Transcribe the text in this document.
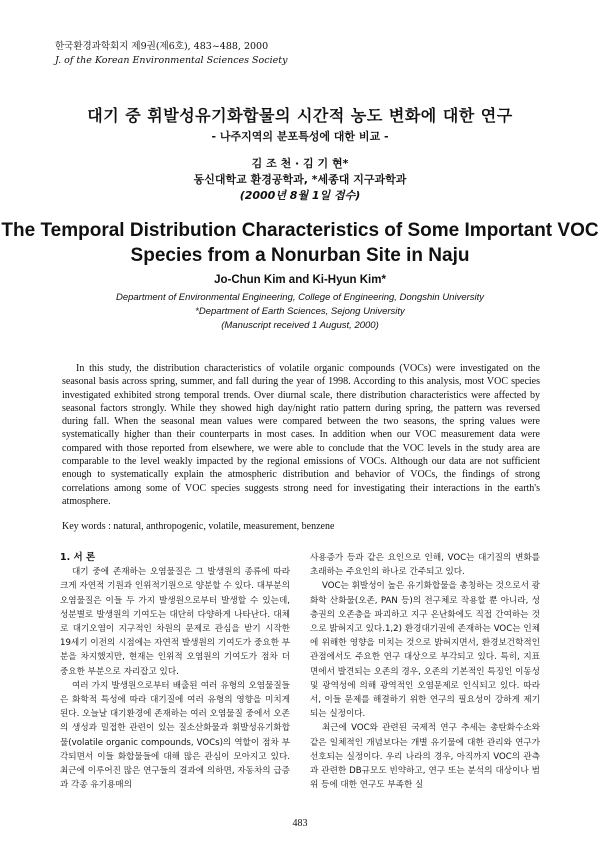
한국환경과학회지 제9권(제6호), 483~488, 2000
J. of the Korean Environmental Sciences Society
대기 중 휘발성유기화합물의 시간적 농도 변화에 대한 연구
- 나주지역의 분포특성에 대한 비교 -
김 조 천 · 김 기 현*
동신대학교 환경공학과, *세종대 지구과학과
(2000년 8월 1일 접수)
The Temporal Distribution Characteristics of Some Important VOC
Species from a Nonurban Site in Naju
Jo-Chun Kim and Ki-Hyun Kim*
Department of Environmental Engineering, College of Engineering, Dongshin University
*Department of Earth Sciences, Sejong University
(Manuscript received 1 August, 2000)

In this study, the distribution characteristics of volatile organic compounds (VOCs) were investigated on the seasonal basis across spring, summer, and fall during the year of 1998. According to this analysis, most VOC species investigated exhibited strong temporal trends. Over diurnal scale, there distribution characteristics were affected by seasonal factors strongly. While they showed high day/night ratio pattern during spring, the pattern was reversed during fall. When the seasonal mean values were compared between the two seasons, the spring values were systematically higher than their counterparts in most cases. In addition when our VOC measurement data were compared with those reported from elsewhere, we were able to conclude that the VOC levels in the study area are comparable to the level weakly impacted by the regional emissions of VOCs. Although our data are not sufficient enough to systematically explain the atmospheric distribution and behavior of VOCs, the findings of strong correlations among some of VOC species suggests strong need for investigating their interactions in the earth's atmosphere.

Key words : natural, anthropogenic, volatile, measurement, benzene

1. 서 론

대기 중에 존재하는 오염물질은 그 발생원의 종류에 따라 크게 자연적 기원과 인위적기원으로 양분할 수 있다. 대부분의 오염물질은 이들 두 가지 발생원으로부터 발생할 수 있는데, 성분별로 발생원의 기여도는 대단히 다양하게 나타난다. 대체로 대기오염이 지구적인 차원의 문제로 관심을 받기 시작한 19세기 이전의 시점에는 자연적 발생원의 기여도가 중요한 부분을 차지했지만, 현재는 인위적 오염원의 기여도가 점차 더 중요한 부분으로 자리잡고 있다.

여러 가지 발생원으로부터 배출된 여러 유형의 오염물질들은 화학적 특성에 따라 대기질에 여러 유형의 영향을 미치게 된다. 오늘날 대기환경에 존재하는 여러 오염물질 중에서 오존의 생성과 밀접한 관련이 있는 질소산화물과 휘발성유기화합물(volatile organic compounds, VOCs)의 역할이 점차 부각되면서 이들 화합물들에 대해 많은 관심이 모아지고 있다. 최근에 이루어진 많은 연구들의 결과에 의하면, 자동차의 급증과 각종 유기용매의

사용증가 등과 같은 요인으로 인해, VOC는 대기질의 변화를 초래하는 주요인의 하나로 간주되고 있다.

VOC는 휘발성이 높은 유기화합물을 총칭하는 것으로서 광화학 산화물(오존, PAN 등)의 전구체로 작용할 뿐 아니라, 성층권의 오존층을 파괴하고 지구 온난화에도 직접 간여하는 것으로 밝혀지고 있다.1,2) 환경대기권에 존재하는 VOC는 인체에 위해한 영향을 미치는 것으로 밝혀지면서, 환경보건학적인 관점에서도 주요한 연구 대상으로 부각되고 있다. 특히, 지표면에서 발견되는 오존의 경우, 오존의 기본적인 특징인 이동성 및 광역성에 의해 광역적인 오염문제로 인식되고 있다. 따라서, 이들 문제를 해결하기 위한 연구의 필요성이 강하게 제기되는 실정이다.

최근에 VOC와 관련된 국제적 연구 추세는 총탄화수소와 같은 일체적인 개념보다는 개별 유기물에 대한 관리와 연구가 선호되는 실정이다. 우리 나라의 경우, 아직까지 VOC의 관측과 관련한 DB규모도 빈약하고, 연구 또는 분석의 대상이나 범위 등에 대한 연구도 부족한 실

483
